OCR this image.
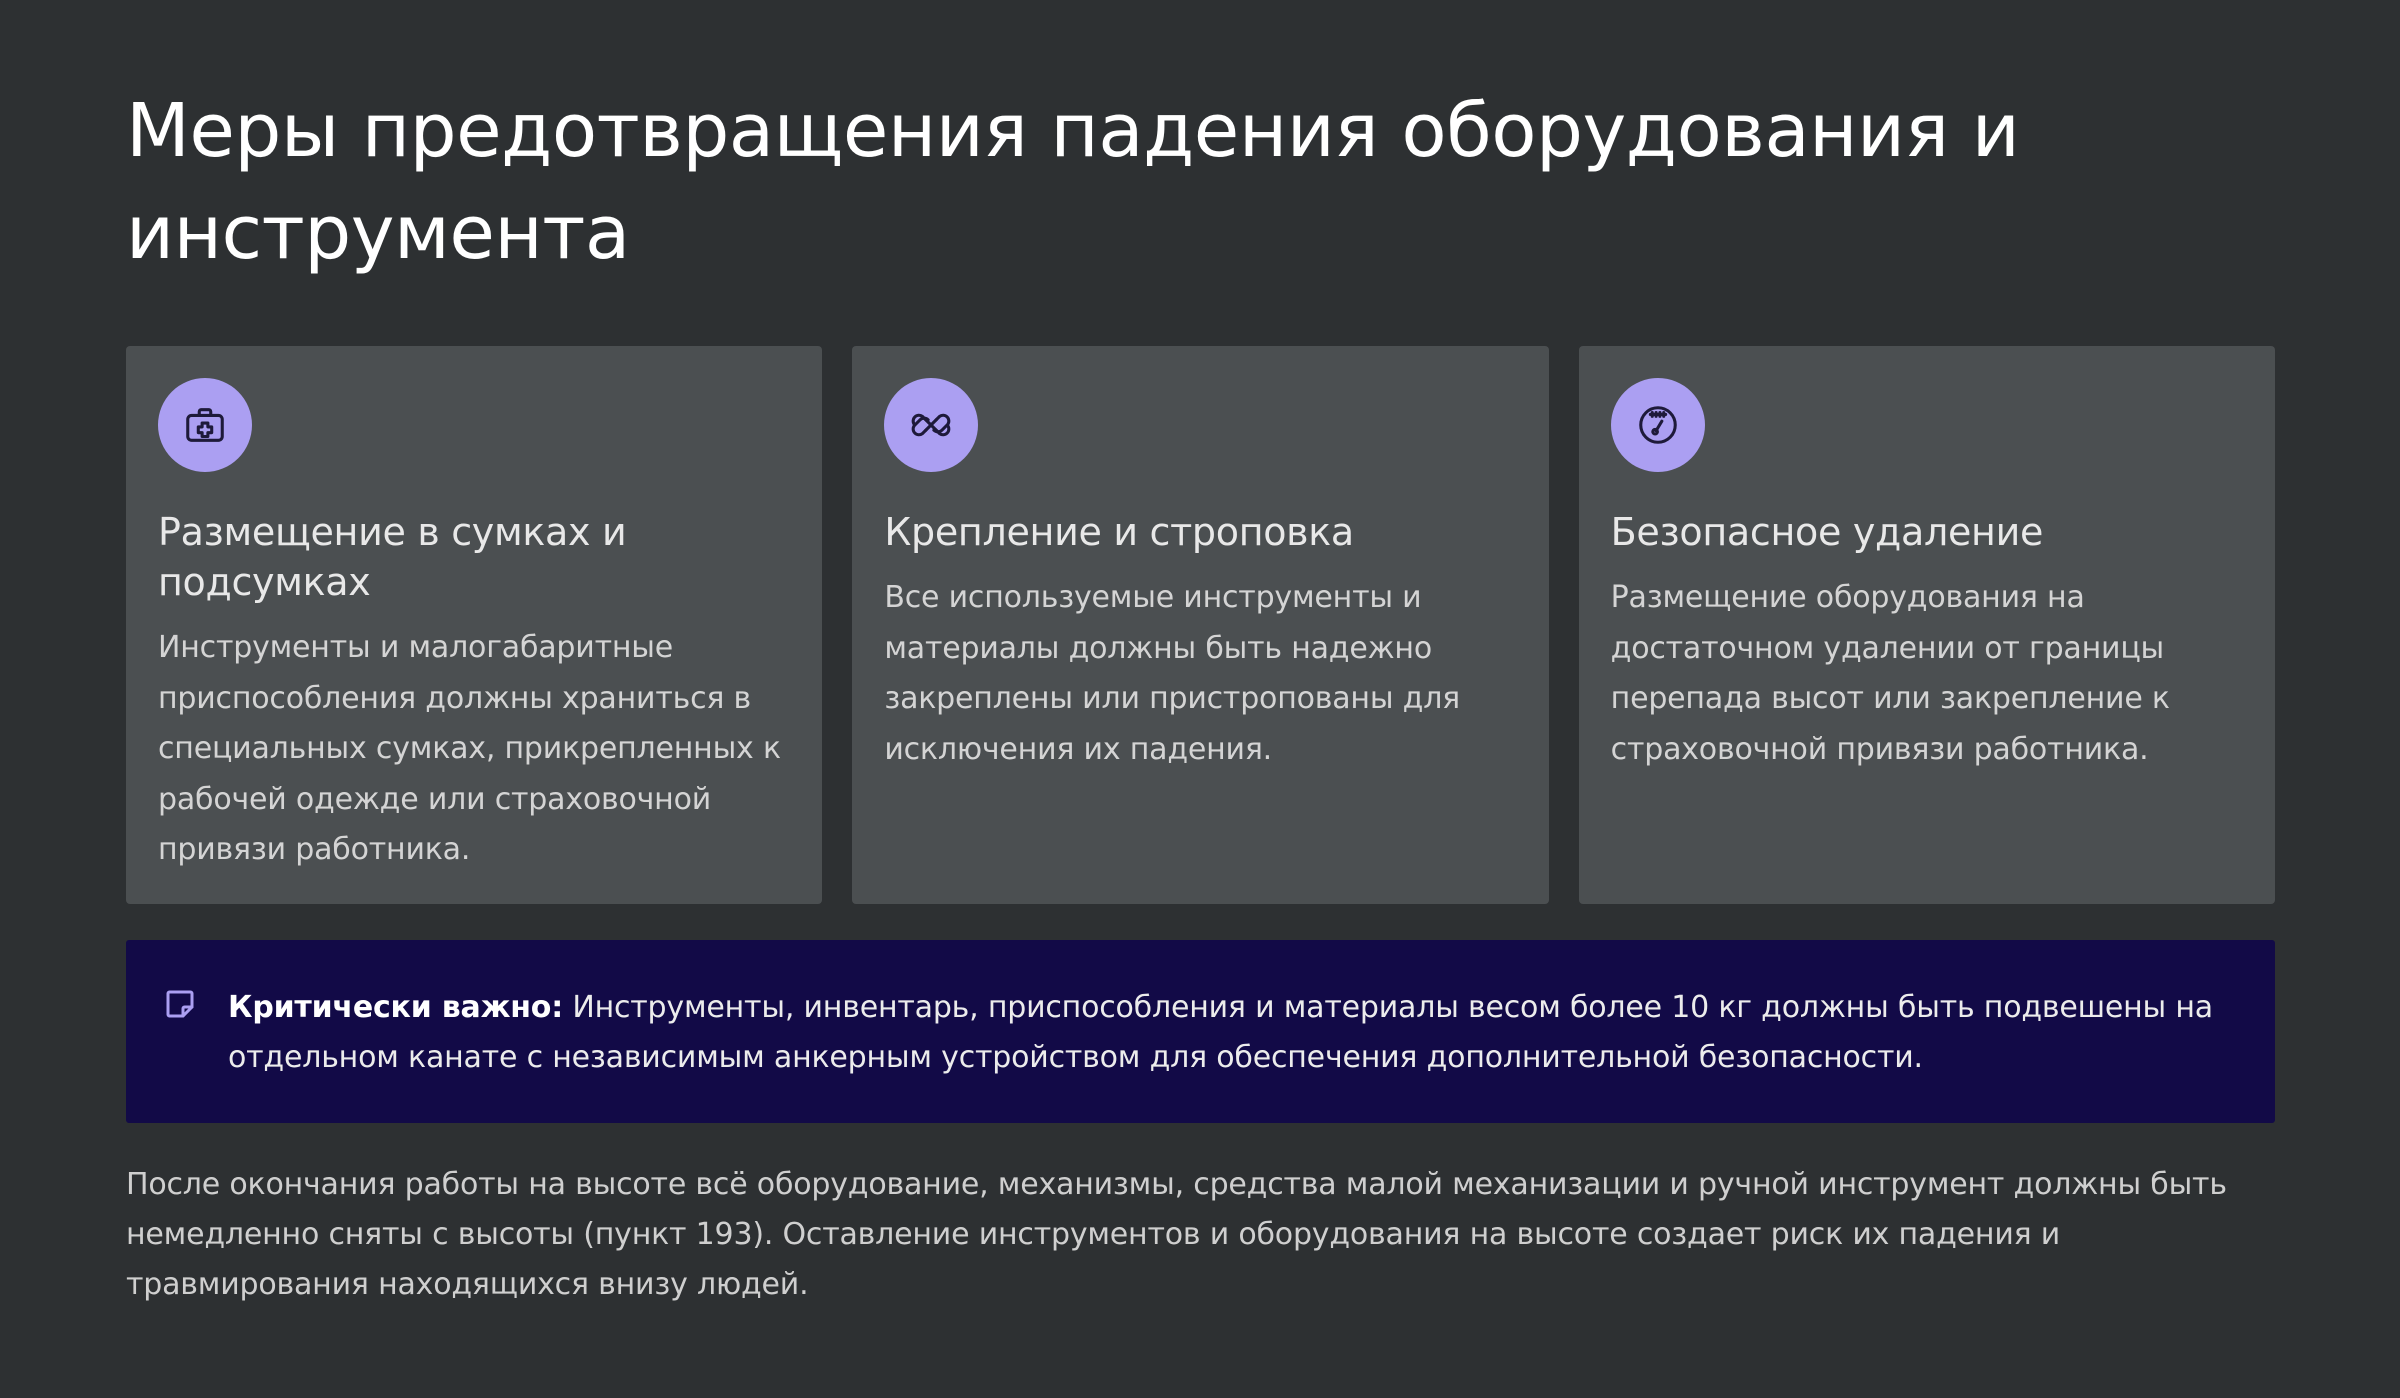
Меры предотвращения падения оборудования и инструмента
Размещение в сумках и подсумках

Инструменты и малогабаритные приспособления должны храниться в специальных сумках, прикрепленных к рабочей одежде или страховочной привязи работника.

Крепление и строповка

Все используемые инструменты и материалы должны быть надежно закреплены или пристропованы для исключения их падения.

Безопасное удаление

Размещение оборудования на достаточном удалении от границы перепада высот или закрепление к страховочной привязи работника.

Критически важно: Инструменты, инвентарь, приспособления и материалы весом более 10 кг должны быть подвешены на отдельном канате с независимым анкерным устройством для обеспечения дополнительной безопасности.

После окончания работы на высоте всё оборудование, механизмы, средства малой механизации и ручной инструмент должны быть немедленно сняты с высоты (пункт 193). Оставление инструментов и оборудования на высоте создает риск их падения и травмирования находящихся внизу людей.
